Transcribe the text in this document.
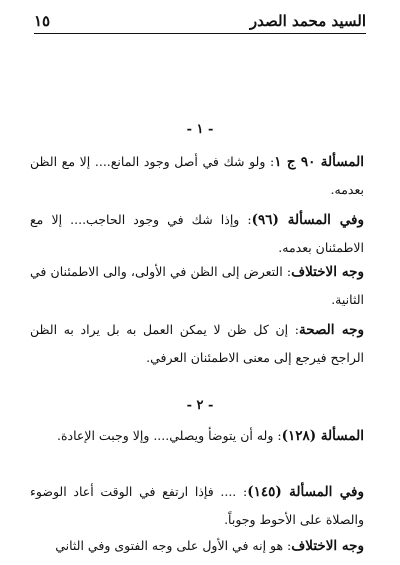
السيد محمد الصدر
١٥
- ١ -
المسألة ٩٠ ج ١: ولو شك في أصل وجود المانع.... إلا مع الظن بعدمه.
وفي المسألة (٩٦): وإذا شك في وجود الحاجب.... إلا مع الاطمئنان بعدمه.
وجه الاختلاف: التعرض إلى الظن في الأولى، والى الاطمئنان في الثانية.
وجه الصحة: إن كل ظن لا يمكن العمل به بل يراد به الظن الراجح فيرجع إلى معنى الاطمئنان العرفي.
- ٢ -
المسألة (١٢٨): وله أن يتوضأ ويصلي.... وإلا وجبت الإعادة.
وفي المسألة (١٤٥): .... فإذا ارتفع في الوقت أعاد الوضوء والصلاة على الأحوط وجوباً.
وجه الاختلاف: هو إنه في الأول على وجه الفتوى وفي الثاني
